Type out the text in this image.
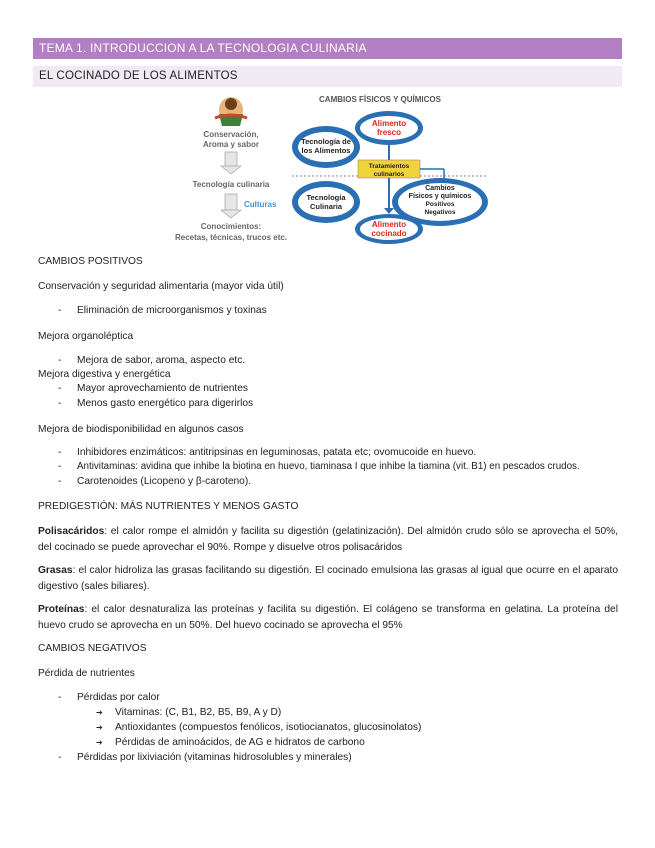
TEMA 1. INTRODUCCION A LA TECNOLOGIA CULINARIA
EL COCINADO DE LOS ALIMENTOS
Conservación,
Aroma y sabor
Tecnología culinaria
Culturas
Conocimientos:
Recetas, técnicas, trucos etc.
CAMBIOS FÍSICOS Y QUÍMICOS
Tecnología de
los Alimentos
Alimento
fresco
Tratamientos
culinarios
Tecnología
Culinaria
Cambios
Físicos y químicos
Positivos
Negativos
Alimento
cocinado
CAMBIOS POSITIVOS
Conservación y seguridad alimentaria (mayor vida útil)
- Eliminación de microorganismos y toxinas
Mejora organoléptica
- Mejora de sabor, aroma, aspecto etc.
Mejora digestiva y energética
- Mayor aprovechamiento de nutrientes
- Menos gasto energético para digerirlos
Mejora de biodisponibilidad en algunos casos
- Inhibidores enzimáticos: antitripsinas en leguminosas, patata etc; ovomucoide en huevo.
- Antivitaminas: avidina que inhibe la biotina en huevo, tiaminasa I que inhibe la tiamina (vit. B1) en pescados crudos.
- Carotenoides (Licopeno y β-caroteno).
PREDIGESTIÓN: MÁS NUTRIENTES Y MENOS GASTO
Polisacáridos: el calor rompe el almidón y facilita su digestión (gelatinización). Del almidón crudo sólo se aprovecha el 50%, del cocinado se puede aprovechar el 90%. Rompe y disuelve otros polisacáridos
Grasas: el calor hidroliza las grasas facilitando su digestión. El cocinado emulsiona las grasas al igual que ocurre en el aparato digestivo (sales biliares).
Proteínas: el calor desnaturaliza las proteínas y facilita su digestión. El colágeno se transforma en gelatina. La proteína del huevo crudo se aprovecha en un 50%. Del huevo cocinado se aprovecha el 95%
CAMBIOS NEGATIVOS
Pérdida de nutrientes
- Pérdidas por calor
➔ Vitaminas: (C, B1, B2, B5, B9, A y D)
➔ Antioxidantes (compuestos fenólicos, isotiocianatos, glucosinolatos)
➔ Pérdidas de aminoácidos, de AG e hidratos de carbono
- Pérdidas por lixiviación (vitaminas hidrosolubles y minerales)
